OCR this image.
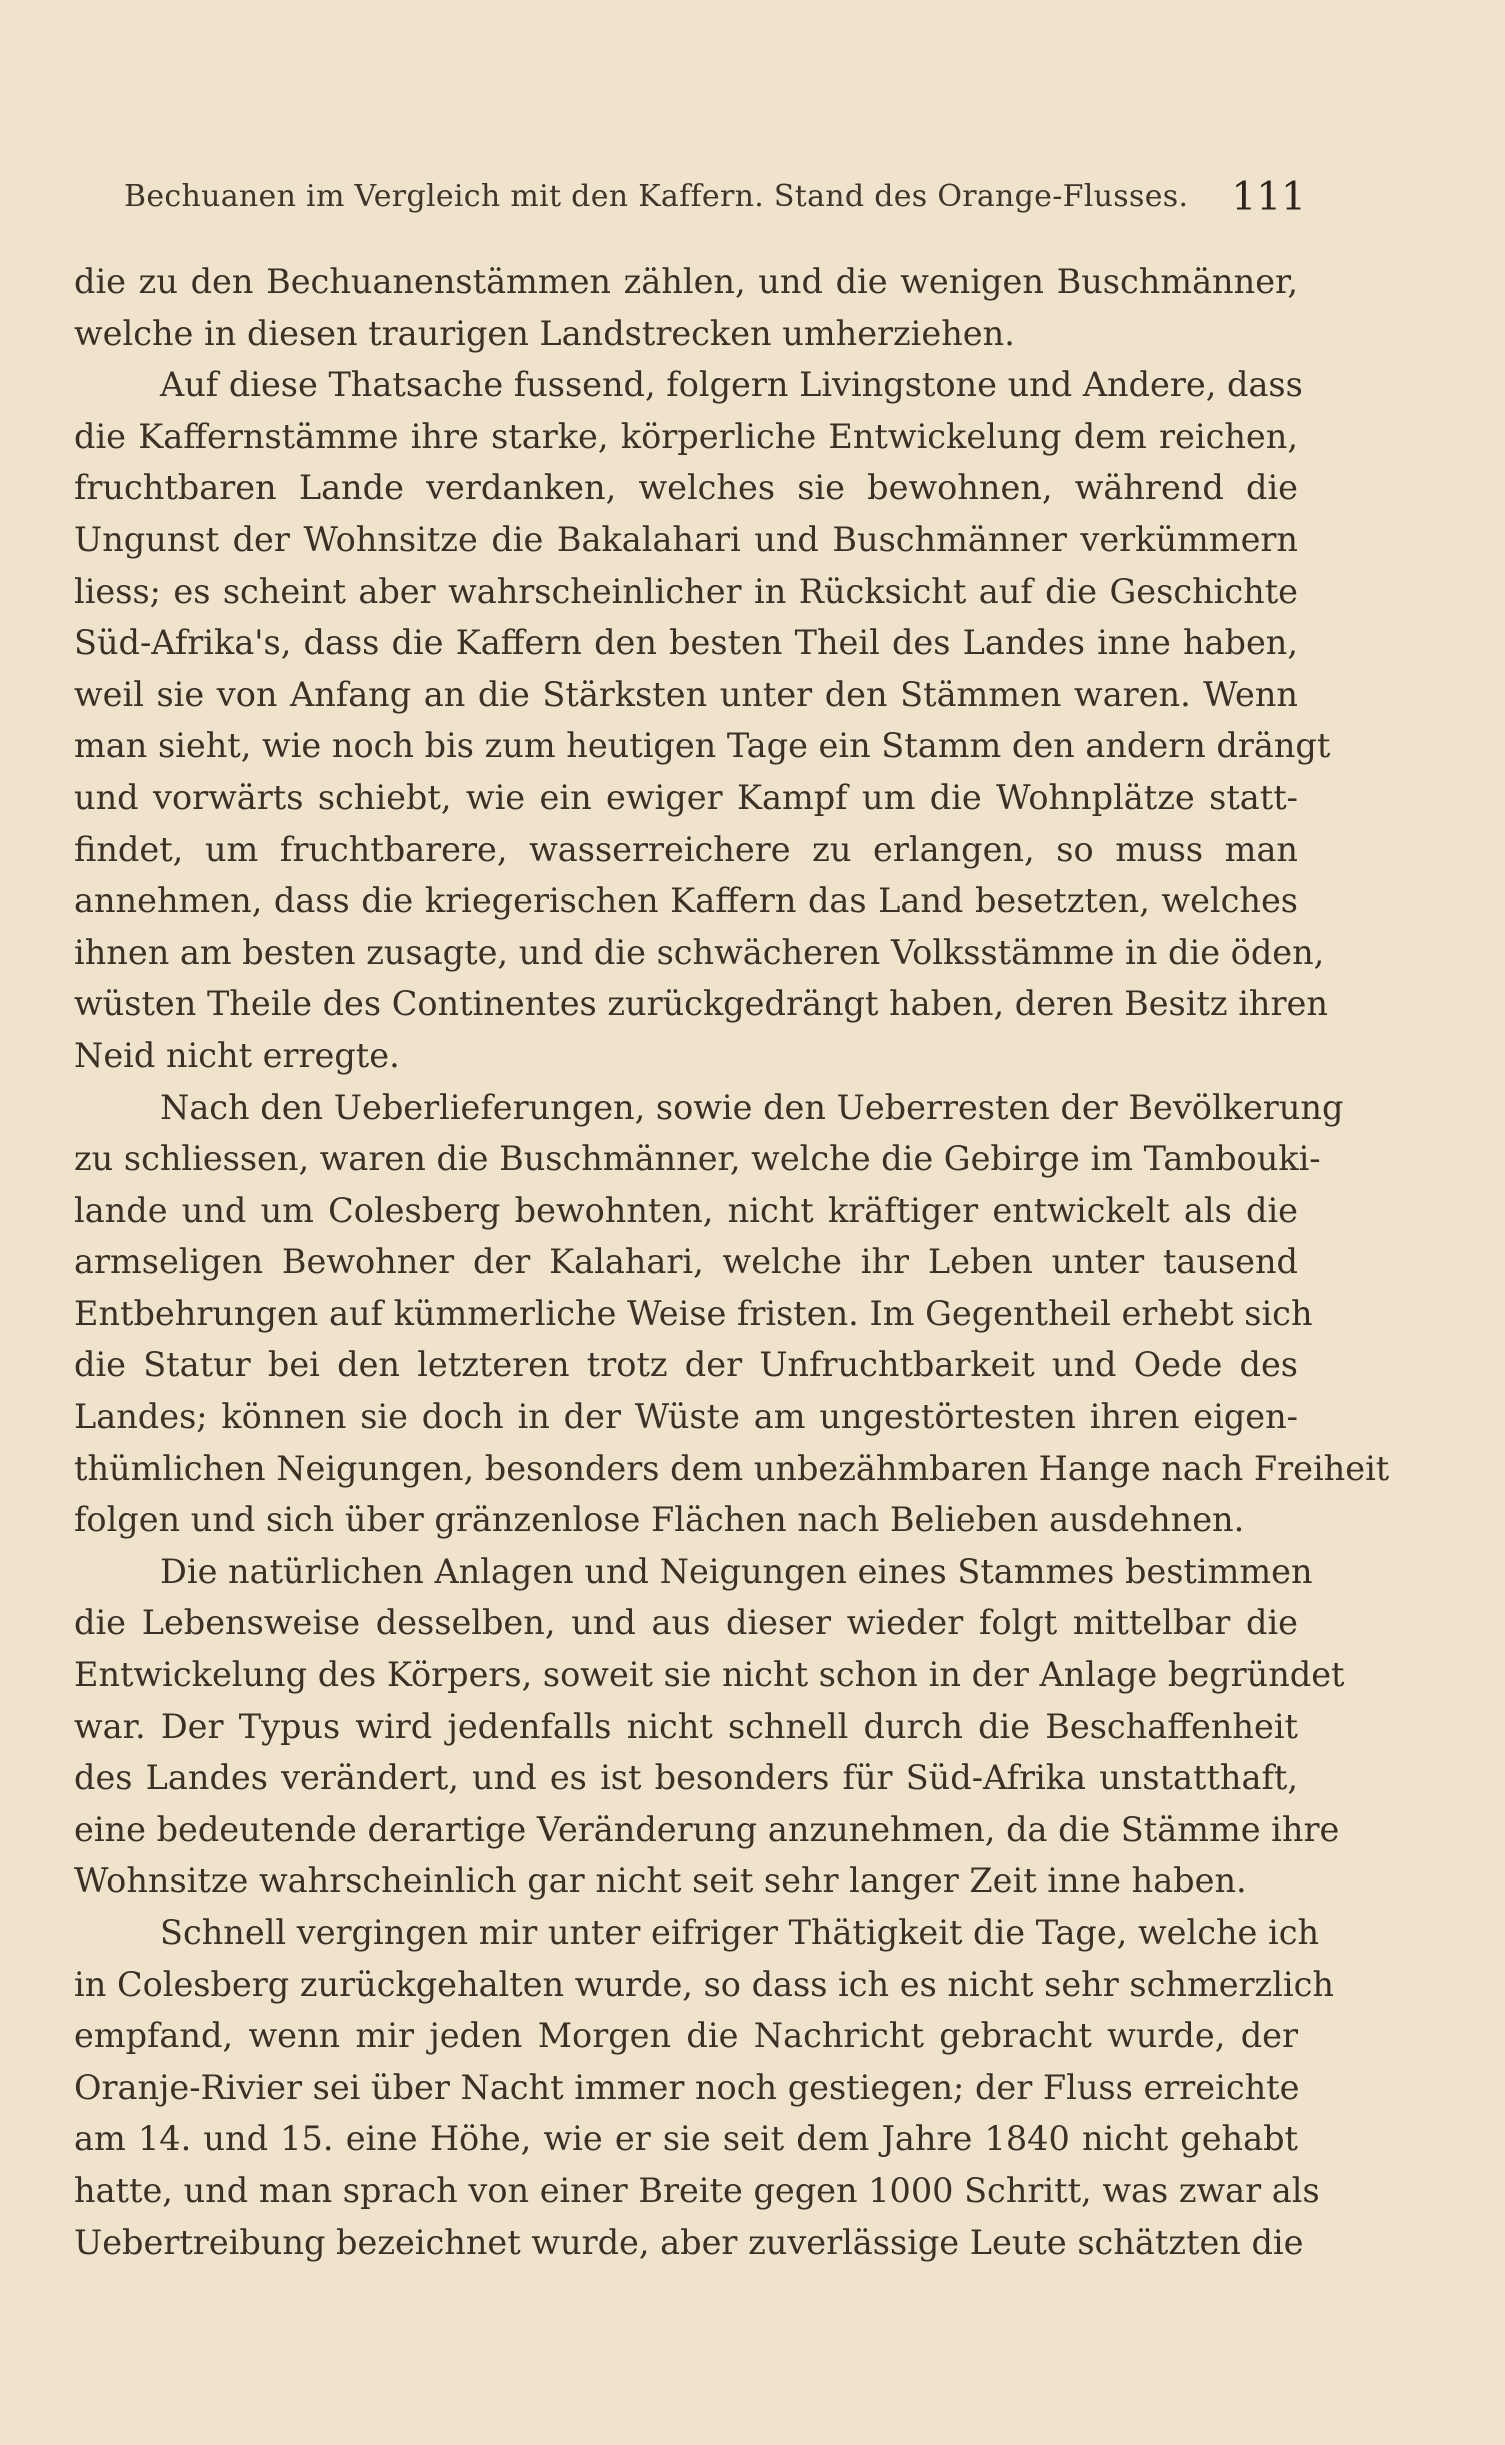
Bechuanen im Vergleich mit den Kaffern. Stand des Orange-Flusses. 111
die zu den Bechuanenstämmen zählen, und die wenigen Buschmänner,
welche in diesen traurigen Landstrecken umherziehen.
Auf diese Thatsache fussend, folgern Livingstone und Andere, dass
die Kaffernstämme ihre starke, körperliche Entwickelung dem reichen,
fruchtbaren Lande verdanken, welches sie bewohnen, während die
Ungunst der Wohnsitze die Bakalahari und Buschmänner verkümmern
liess; es scheint aber wahrscheinlicher in Rücksicht auf die Geschichte
Süd-Afrika's, dass die Kaffern den besten Theil des Landes inne haben,
weil sie von Anfang an die Stärksten unter den Stämmen waren. Wenn
man sieht, wie noch bis zum heutigen Tage ein Stamm den andern drängt
und vorwärts schiebt, wie ein ewiger Kampf um die Wohnplätze statt-
findet, um fruchtbarere, wasserreichere zu erlangen, so muss man
annehmen, dass die kriegerischen Kaffern das Land besetzten, welches
ihnen am besten zusagte, und die schwächeren Volksstämme in die öden,
wüsten Theile des Continentes zurückgedrängt haben, deren Besitz ihren
Neid nicht erregte.
Nach den Ueberlieferungen, sowie den Ueberresten der Bevölkerung
zu schliessen, waren die Buschmänner, welche die Gebirge im Tambouki-
lande und um Colesberg bewohnten, nicht kräftiger entwickelt als die
armseligen Bewohner der Kalahari, welche ihr Leben unter tausend
Entbehrungen auf kümmerliche Weise fristen. Im Gegentheil erhebt sich
die Statur bei den letzteren trotz der Unfruchtbarkeit und Oede des
Landes; können sie doch in der Wüste am ungestörtesten ihren eigen-
thümlichen Neigungen, besonders dem unbezähmbaren Hange nach Freiheit
folgen und sich über gränzenlose Flächen nach Belieben ausdehnen.
Die natürlichen Anlagen und Neigungen eines Stammes bestimmen
die Lebensweise desselben, und aus dieser wieder folgt mittelbar die
Entwickelung des Körpers, soweit sie nicht schon in der Anlage begründet
war. Der Typus wird jedenfalls nicht schnell durch die Beschaffenheit
des Landes verändert, und es ist besonders für Süd-Afrika unstatthaft,
eine bedeutende derartige Veränderung anzunehmen, da die Stämme ihre
Wohnsitze wahrscheinlich gar nicht seit sehr langer Zeit inne haben.
Schnell vergingen mir unter eifriger Thätigkeit die Tage, welche ich
in Colesberg zurückgehalten wurde, so dass ich es nicht sehr schmerzlich
empfand, wenn mir jeden Morgen die Nachricht gebracht wurde, der
Oranje-Rivier sei über Nacht immer noch gestiegen; der Fluss erreichte
am 14. und 15. eine Höhe, wie er sie seit dem Jahre 1840 nicht gehabt
hatte, und man sprach von einer Breite gegen 1000 Schritt, was zwar als
Uebertreibung bezeichnet wurde, aber zuverlässige Leute schätzten die
